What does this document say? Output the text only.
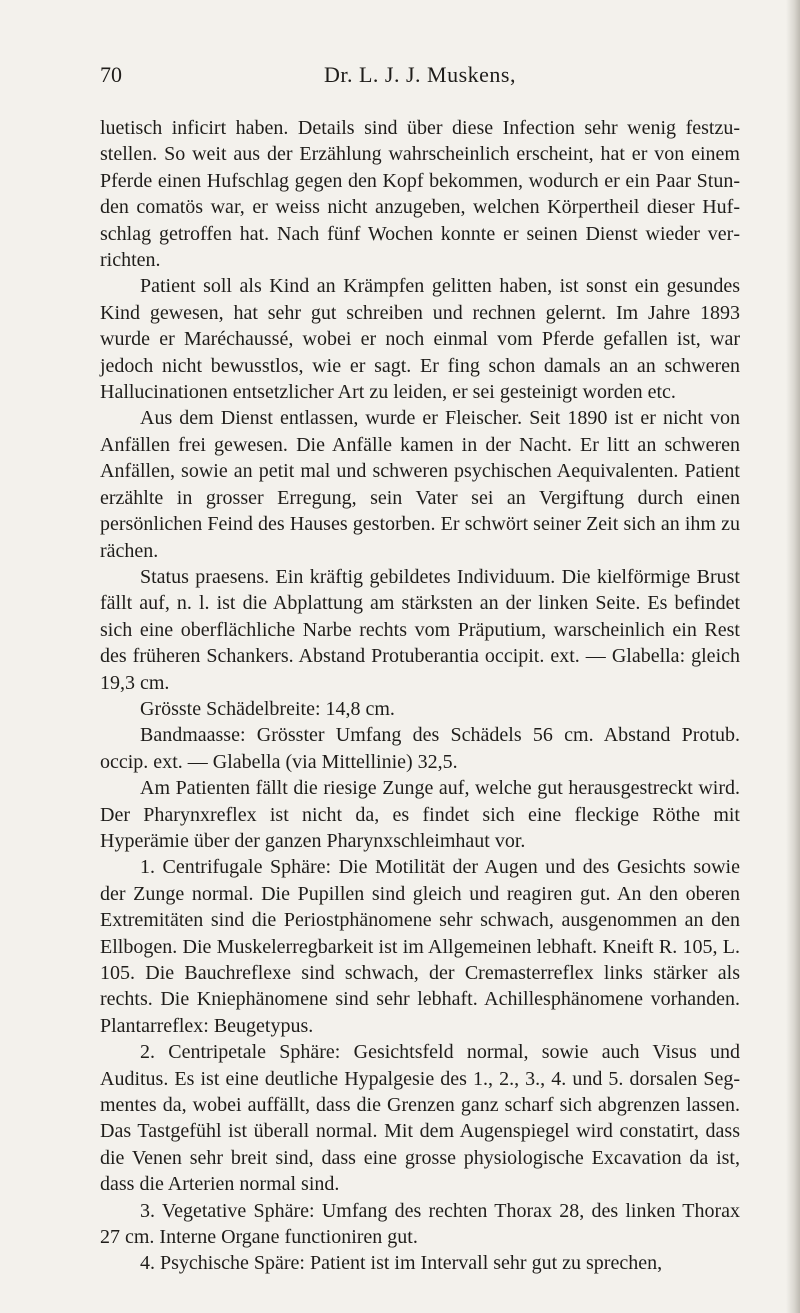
70	Dr. L. J. J. Muskens,

luetisch inficirt haben. Details sind über diese Infection sehr wenig festzustellen. So weit aus der Erzählung wahrscheinlich erscheint, hat er von einem Pferde einen Hufschlag gegen den Kopf bekommen, wodurch er ein Paar Stunden comatös war, er weiss nicht anzugeben, welchen Körpertheil dieser Hufschlag getroffen hat. Nach fünf Wochen konnte er seinen Dienst wieder verrichten.

Patient soll als Kind an Krämpfen gelitten haben, ist sonst ein gesundes Kind gewesen, hat sehr gut schreiben und rechnen gelernt. Im Jahre 1893 wurde er Maréchaussé, wobei er noch einmal vom Pferde gefallen ist, war jedoch nicht bewusstlos, wie er sagt. Er fing schon damals an an schweren Hallucinationen entsetzlicher Art zu leiden, er sei gesteinigt worden etc.

Aus dem Dienst entlassen, wurde er Fleischer. Seit 1890 ist er nicht von Anfällen frei gewesen. Die Anfälle kamen in der Nacht. Er litt an schweren Anfällen, sowie an petit mal und schweren psychischen Aequivalenten. Patient erzählte in grosser Erregung, sein Vater sei an Vergiftung durch einen persönlichen Feind des Hauses gestorben. Er schwört seiner Zeit sich an ihm zu rächen.

Status praesens. Ein kräftig gebildetes Individuum. Die kielförmige Brust fällt auf, n. l. ist die Abplattung am stärksten an der linken Seite. Es befindet sich eine oberflächliche Narbe rechts vom Präputium, warscheinlich ein Rest des früheren Schankers. Abstand Protuberantia occipit. ext. — Glabella: gleich 19,3 cm.

Grösste Schädelbreite: 14,8 cm.

Bandmaasse: Grösster Umfang des Schädels 56 cm. Abstand Protub. occip. ext. — Glabella (via Mittellinie) 32,5.

Am Patienten fällt die riesige Zunge auf, welche gut herausgestreckt wird. Der Pharynxreflex ist nicht da, es findet sich eine fleckige Röthe mit Hyperämie über der ganzen Pharynxschleimhaut vor.

1. Centrifugale Sphäre: Die Motilität der Augen und des Gesichts sowie der Zunge normal. Die Pupillen sind gleich und reagiren gut. An den oberen Extremitäten sind die Periostphänomene sehr schwach, ausgenommen an den Ellbogen. Die Muskelerregbarkeit ist im Allgemeinen lebhaft. Kneift R. 105, L. 105. Die Bauchreflexe sind schwach, der Cremasterreflex links stärker als rechts. Die Kniephänomene sind sehr lebhaft. Achillesphänomene vorhanden. Plantarreflex: Beugetypus.

2. Centripetale Sphäre: Gesichtsfeld normal, sowie auch Visus und Auditus. Es ist eine deutliche Hypalgesie des 1., 2., 3., 4. und 5. dorsalen Segmentes da, wobei auffällt, dass die Grenzen ganz scharf sich abgrenzen lassen. Das Tastgefühl ist überall normal. Mit dem Augenspiegel wird constatirt, dass die Venen sehr breit sind, dass eine grosse physiologische Excavation da ist, dass die Arterien normal sind.

3. Vegetative Sphäre: Umfang des rechten Thorax 28, des linken Thorax 27 cm. Interne Organe functioniren gut.

4. Psychische Späre: Patient ist im Intervall sehr gut zu sprechen,
